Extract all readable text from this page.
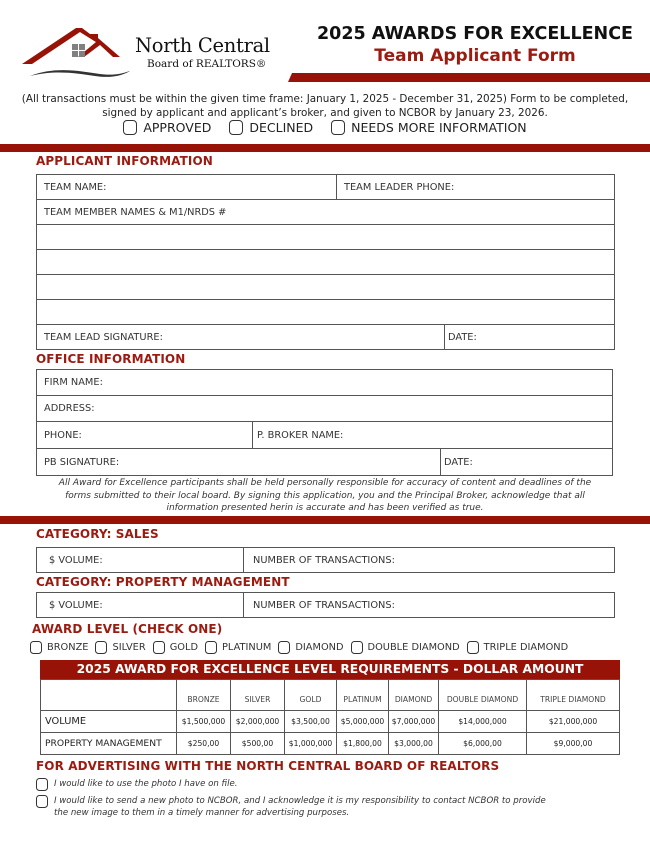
North Central
Board of REALTORS®
2025 AWARDS FOR EXCELLENCE
Team Applicant Form
(All transactions must be within the given time frame: January 1, 2025 - December 31, 2025) Form to be completed,
signed by applicant and applicant’s broker, and given to NCBOR by January 23, 2026.
APPROVED	DECLINED	NEEDS MORE INFORMATION
APPLICANT INFORMATION
TEAM NAME:	TEAM LEADER PHONE:
TEAM MEMBER NAMES & M1/NRDS #

TEAM LEAD SIGNATURE:	DATE:
OFFICE INFORMATION
FIRM NAME:
ADDRESS:
PHONE:	P. BROKER NAME:
PB SIGNATURE:	DATE:
All Award for Excellence participants shall be held personally responsible for accuracy of content and deadlines of the
forms submitted to their local board. By signing this application, you and the Principal Broker, acknowledge that all
information presented herin is accurate and has been verified as true.
CATEGORY: SALES
$ VOLUME:	NUMBER OF TRANSACTIONS:
CATEGORY: PROPERTY MANAGEMENT
$ VOLUME:	NUMBER OF TRANSACTIONS:
AWARD LEVEL (CHECK ONE)
BRONZE SILVER GOLD PLATINUM DIAMOND DOUBLE DIAMOND TRIPLE DIAMOND
2025 AWARD FOR EXCELLENCE LEVEL REQUIREMENTS - DOLLAR AMOUNT
	BRONZE	SILVER	GOLD	PLATINUM	DIAMOND	DOUBLE DIAMOND	TRIPLE DIAMOND
VOLUME	$1,500,000	$2,000,000	$3,500,00	$5,000,000	$7,000,000	$14,000,000	$21,000,000
PROPERTY MANAGEMENT	$250,00	$500,00	$1,000,000	$1,800,00	$3,000,00	$6,000,00	$9,000,00
FOR ADVERTISING WITH THE NORTH CENTRAL BOARD OF REALTORS
I would like to use the photo I have on file.
I would like to send a new photo to NCBOR, and I acknowledge it is my responsibility to contact NCBOR to provide
the new image to them in a timely manner for advertising purposes.
